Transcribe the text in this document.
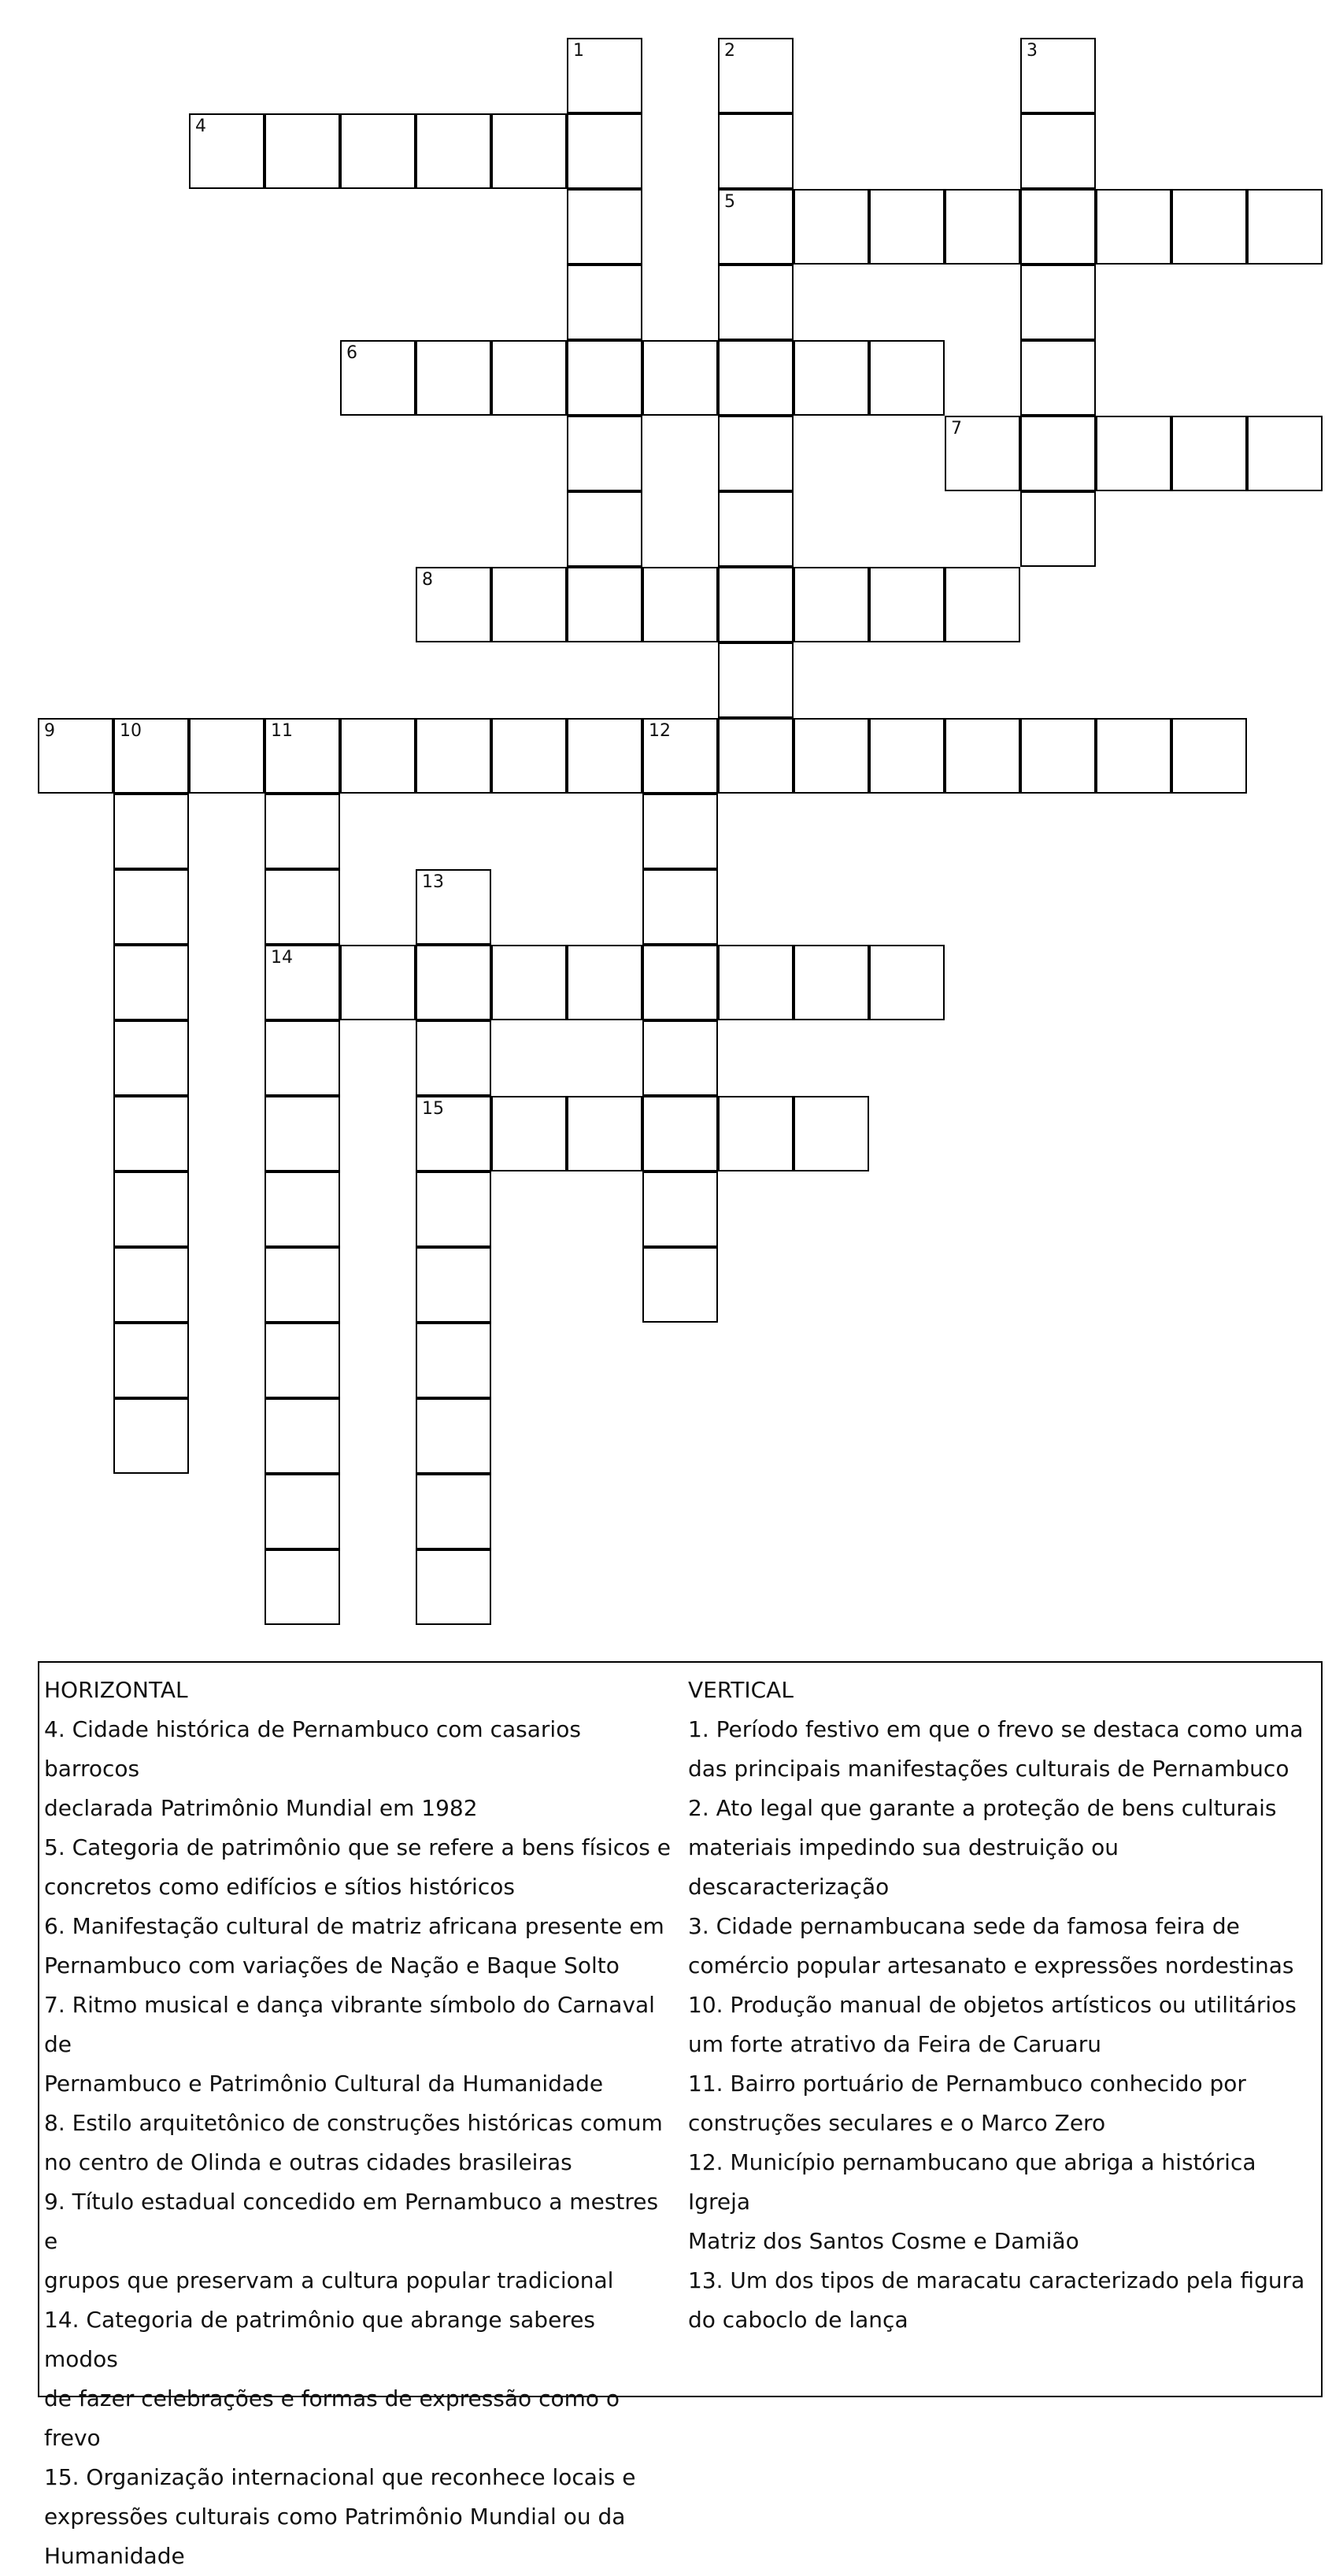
1	2
5
3
4
6
7
8
9	10	11	12
14
13
15
HORIZONTAL
4. Cidade histórica de Pernambuco com casarios barrocos
declarada Patrimônio Mundial em 1982
5. Categoria de patrimônio que se refere a bens físicos e
concretos como edifícios e sítios históricos
6. Manifestação cultural de matriz africana presente em
Pernambuco com variações de Nação e Baque Solto
7. Ritmo musical e dança vibrante símbolo do Carnaval de
Pernambuco e Patrimônio Cultural da Humanidade
8. Estilo arquitetônico de construções históricas comum
no centro de Olinda e outras cidades brasileiras
9. Título estadual concedido em Pernambuco a mestres e
grupos que preservam a cultura popular tradicional
14. Categoria de patrimônio que abrange saberes modos
de fazer celebrações e formas de expressão como o frevo
15. Organização internacional que reconhece locais e
expressões culturais como Patrimônio Mundial ou da
Humanidade
VERTICAL
1. Período festivo em que o frevo se destaca como uma
das principais manifestações culturais de Pernambuco
2. Ato legal que garante a proteção de bens culturais
materiais impedindo sua destruição ou descaracterização
3. Cidade pernambucana sede da famosa feira de
comércio popular artesanato e expressões nordestinas
10. Produção manual de objetos artísticos ou utilitários
um forte atrativo da Feira de Caruaru
11. Bairro portuário de Pernambuco conhecido por
construções seculares e o Marco Zero
12. Município pernambucano que abriga a histórica Igreja
Matriz dos Santos Cosme e Damião
13. Um dos tipos de maracatu caracterizado pela figura
do caboclo de lança
